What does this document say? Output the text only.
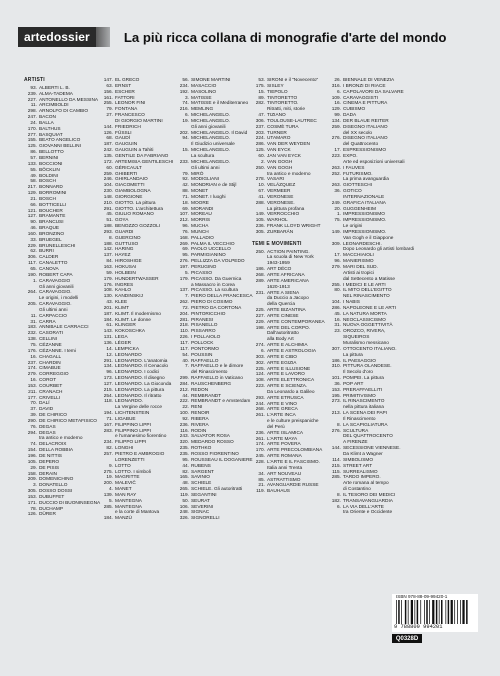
art e dossier	La più ricca collana di monografie d'arte del mondo
ARTISTI
93. ALBERTI L. B.
239. ALMA-TADEMA
227. ANTONELLO DA MESSINA
11. ARCIMBOLDI
298. ARNOLFO DI CAMBIO
247. BACON
24. BALLA
170. BALTHUS
277. BASQUIAT
155. BEATO ANGELICO
125. GIOVANNI BELLINI
86. BELLOTTO
57. BERNINI
133. BOCCIONI
55. BÖCKLIN
49. BOLDINI
58. BOSCH
217. BONNARD
129. BORROMINI
21. BOSCH
66. BOTTICELLI
121. BOUCHER
127. BRAMANTE
90. BRANCUSI
46. BRAQUE
160. BRONZINO
33. BRUEGEL
229. BRUNELLESCHI
62. BURRI
306. CALDER
117. CANALETTO
65. CANOVA
190. ROBERT CAPA
1. CARAVAGGIO
Gli anni giovanili
264. CARAVAGGIO.
Le origini, i modelli
205. CARAVAGGIO.
Gli ultimi anni
11. CARPACCIO
31. CARRA
183. ANNIBALE CARRACCI
232. CASORATI
138. CELLINI
75. CÉZANNE
176. CÉZANNE. I temi
16. CHAGALL
237. CHARDIN
174. CIMABUE
279. CORREGGIO
16. COROT
153. COURBET
211. CRANACH
177. CRIVELLI
70. DALÍ
37. DAVID
39. DE CHIRICO
290. DE CHIRICO METAFISICO
76. DEGAS
294. DEGAS
tra antico e moderno
74. DELACROIX
154. DELLA ROBBIA
196. DE NITTIS
105. DEPERO
29. DE PISIS
158. DERAIN
209. DOMENICHINO
3. DONATELLO
305. DOSSO DOSSI
153. DUBUFFET
171. DUCCIO DI BUONINSEGNA
78. DUCHAMP
126. DÜRER
147. EL GRECO
63. ERNST
156. ESCHER
161. FATTORI
255. LEONOR FINI
79. FONTANA
27. FRANCESCO
DI GIORGIO MARTINI
144. FRIEDRICH
126. FÜSSLI
68. GAUDÍ
187. GAUGUIN
242. GAUGUIN a Tahiti
135. GENTILE DA FABRIANO
172. ARTEMISIA GENTILESCHI
60. GÉRICAULT
259. GHIBERTI
246. GHIRLANDAIO
104. GIACOMETTI
230. GIAMBOLOGNA
148. GIORGIONE
210. GIOTTO. La pittura
291. GIOTTO. L'architettura
45. GIULIO ROMANO
51. GOYA
188. BENOZZO GOZZOLI
293. GUARDI
8. GUERCINO
188. GUTTUSO
142. HARING
137. HAYEZ
84. HIROSHIGE
163. HOKUSAI
59. HOLBEIN
179. HUNDERTWASSER
176. INGRES
108. KAHLO
130. KANDINSKIJ
43. KLEE
201. KLIMT
187. KLIMT. Il modernismo
184. KLIMT. Le donne
61. KLINGER
143. KOKOSCHKA
131. LEGA
136. LÉGER
14. LEMPICKA
12. LEONARDO
291. LEONARDO. L'anatomia
134. LEONARDO. Il Cenacolo
96. LEONARDO. I codici
173. LEONARDO. Il disegno
127. LEONARDO. La Gioconda
215. LEONARDO. La pittura
254. LEONARDO. Il ritratto
118. LEONARDO.
La Vergine delle rocce
194. LICHTENSTEIN
71. LIGABUE
167. FILIPPINO LIPPI
283. FILIPPINO LIPPI
e l'umanesimo fiorentino
234. FILIPPO LIPPI
82. LONGHI
257. PIETRO E AMBROGIO
LORENZETTI
9. LOTTO
275. LOTTO. I simboli
19. MAGRITTE
200. MALEVIČ
4. MANET
139. MAN RAY
5. MANTEGNA
285. MANTEGNA
e la corte di Mantova
184. MANZÙ
56. SIMONE MARTINI
234. MASACCIO
192. MASOLINO
3. MATISSE
74. MATISSE e il Mediterraneo
216. MEMLING
6. MICHELANGELO.
19. MICHELANGELO.
Gli anni giovanili
202. MICHELANGELO. Il David
94. MICHELANGELO.
Il Giudizio universale
15. MICHELANGELO.
La scultura
233. MICHELANGELO.
Gli ultimi anni
79. MIRÓ
92. MODIGLIANI
42. MONDRIAN e de Stijl
88. MONET
71. MONET. I luoghi
18. MOORE
69. MORANDI
107. MOREAU
212. MORRIS
96. MUCHA
76. MUNCH
168. PALLADIO
269. PALMA IL VECCHIO
69. PAOLO UCCELLO
95. PARMIGIANINO
276. PELLIZZA DA VOLPEDO
197. PERUGINO
5. PICASSO
179. PICASSO. Da Guernica
a Massacro in Corea
137. PICASSO. La scultura
7. PIERO DELLA FRANCESCA
262. PIERO DI COSIMO
72. PIETRO DA CORTONA
204. PINTORICCHIO
281. PIRANESI
218. PISANELLO
110. PISSARRO
226. I POLLAIOLO
117. POLLOCK
117. PONTORMO
54. POUSSIN
40. RAFFAELLO
7. RAFFAELLO e le dimore
del Rinascimento
299. RAFFAELLO in Vaticano
284. RAUSCHENBERG
212. REDON
44. REMBRANDT
222. REMBRANDT e Amsterdam
22. RENI
100. RENOIR
92. RIBERA
236. RIVERA
116. RODIN
243. SALVATOR ROSA
320. MEDARDO ROSSO
235. ROTHKO
235. ROSSO FIORENTINO
95. ROUSSEAU IL DOGANIERE
44. RUBENS
82. SARGENT
165. SAVINIO
48. SCHIELE
265. SCHIELE. Gli autoritratti
119. SEGANTINI
50. SEURAT
106. SEVERINI
248. SIGNAC
326. SIGNORELLI
53. SIRONI e il "Novecento"
175. SISLEY
15. TIEPOLO
89. TINTORETTO
282. TINTORETTO.
Ritratti, miti, storie
47. TIZIANO
306. TOULOUSE-LAUTREC
237. COSMÈ TURA
203. TURNER
224. UTAMARO
286. VAN DER WEYDEN
125. VAN EYCK
60. JAN VAN EYCK
2. VAN GOGH
250. VAN GOGH
tra antico e moderno
278. VASARI
10. VELÁZQUEZ
67. VERMEER
41. VERONESE
288. VERONESE.
La pittura profana
149. VERROCCHIO
105. WARHOL
236. FRANK LLOYD WRIGHT
305. ZURBARÁN
TEMI E MOVIMENTI
250. ACTION PAINTING.
La scuola di New York
1943-1959
186. ART DÉCO
268. ARTE AFRICANA
289. ARTE AMERICANA
1620-1913
231. ARTE A SIENA
da Duccio a Jacopo
della Quercia
225. ARTE BIZANTINA
227. ARTE CINESE
229. ARTE CONTEMPORANEA
198. ARTE DEL CORPO.
Dall'autoritratto
alla Body Art
274. ARTE E ALCHIMIA
6. ARTE E ASTROLOGIA
303. ARTE E CIBO
302. ARTE EGIZIA
225. ARTE E ILLUSIONE
124. ARTE E LAVORO
108. ARTE ELETTRONICA
223. ARTE E SCIENZA.
Da Leonardo a Galileo
293. ARTE ETRUSCA
244. ARTE E VINO
268. ARTE GRECA
261. L'ARTE INCA
e le culture preispaniche
del Perù
236. ARTE ISLAMICA
261. L'ARTE MAYA
174. ARTE POVERA
170. ARTE PRECOLOMBIANA
245. ARTE ROMANA
228. L'ARTE E IL FASCISMO.
Italia anni Trenta
34. ART NOUVEAU
85. ASTRATTISMO
21. AVANGUARDIE RUSSE
119. BAUHAUS
26. BIENNALE DI VENEZIA
316. I BRONZI DI RIACE
6. CAPOLAVORI DA SALVARE
109. CARAVAGGISTI
16. CINEMA E PITTURA
129. CUBISMO
99. DADA
134. DER BLAUE REITER
259. DISEGNO ITALIANO
del XX secolo
276. DISEGNO ITALIANO
del Quattrocento
17. ESPRESSIONISMO
223. EXPO.
Arte ed esposizioni universali
263. I FAUVES
252. FUTURISMO.
La prima avanguardia
263. GIOTTESCHI
36. GOTICO
INTERNAZIONALE
249. GRAFICA ITALIANA
20. GUGGENHEIM
1. IMPRESSIONISMO
75. IMPRESSIONISMO.
Le origini
149. IMPRESSIONISMO.
Van Gogh e il Giappone
309. LEONARDESCHI.
Dopo Leonardo gli artisti lombardi
17. MACCHIAIOLI
96. MANIERISMO
279. MARI DEL SUD.
Artisti ai tropici
dal Settecento a Matisse
255. I MEDICI E LE ARTI
80. IL MITO DELL'EGITTO
NEL RINASCIMENTO
104. I NABIS
286. NAPOLEONE E LE ARTI
45. LA NATURA MORTA
16. NEOCLASSICISMO
31. NUOVA OGGETTIVITÀ
23. OROZCO, RIVERA,
SIQUEIROS
Muralismo messicano
307. OTTOCENTO ITALIANO.
La pittura
186. IL PAESAGGIO
310. PITTURA OLANDESE.
Il Secolo d'oro
101. POMPEI. La pittura
36. POP ART
153. PRERAFFAELLITI
195. PRIMITIVISMO
273. IL RINASCIMENTO
nella pittura italiana
213. LA SCENA DEI PAPI
Il Rinascimento
8. LA SCAPIGLIATURA
276. SCULTURA
DEL QUATTROCENTO
A FIRENZE
144. SECESSIONE VIENNESE.
Da Klimt a Wagner
114. SIMBOLISMO
215. STREET ART
115. SURREALISMO
285. TARDO IMPERO.
Arte romana al tempo
di Costantino
8. IL TESORO DEI MEDICI
182. TRANSAVANGUARDIA
6. LA VIA DELL'ARTE
tra Oriente e Occidente
ISBN 978-88-09-99420-1
9 788809 994201
Q0328D
